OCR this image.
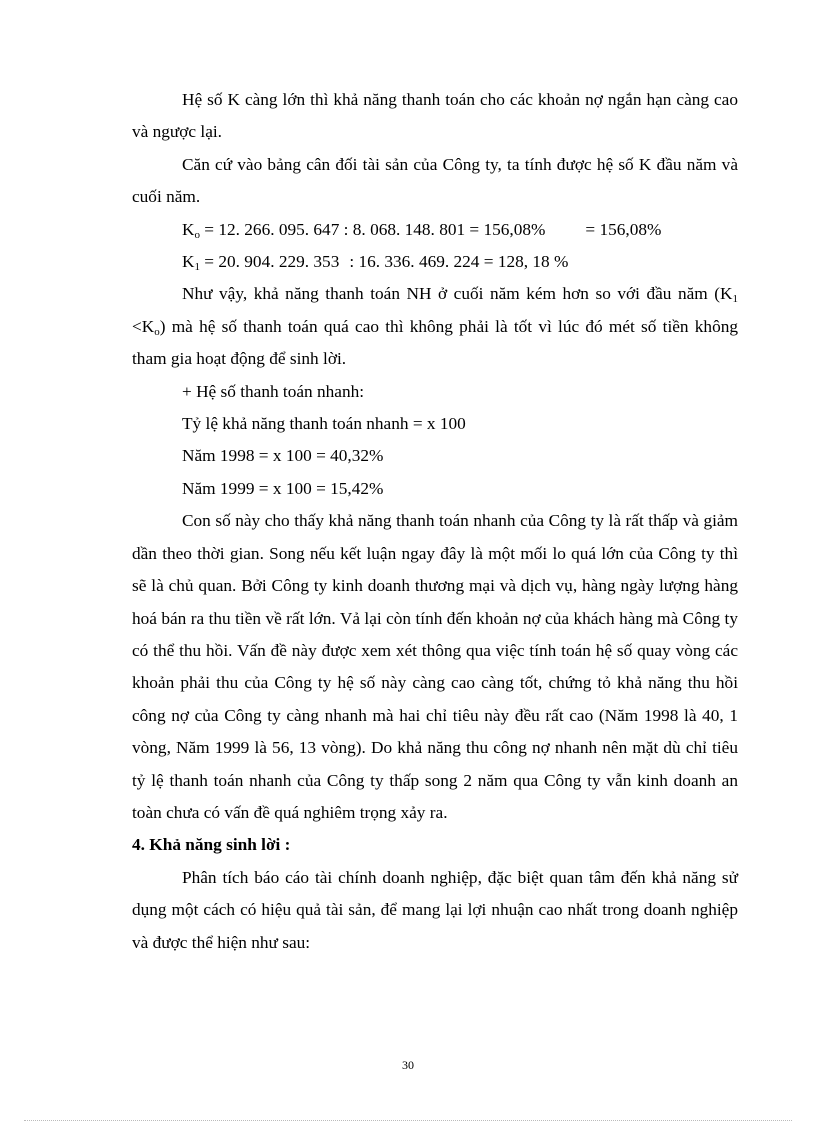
Hệ số K càng lớn thì khả năng thanh toán cho các khoản nợ ngắn hạn càng cao và ngược lại.

Căn cứ vào bảng cân đối tài sản của Công ty, ta tính được hệ số K đầu năm và cuối năm.

$K_o = 12$. 266. 095. 647 : 8. 068. 148. 801 = 156,08% = 156,08%

$K_1 = 20$. 904. 229. 353 : 16. 336. 469. 224 = 128, 18 %

Như vậy, khả năng thanh toán NH ở cuối năm kém hơn so với đầu năm $(K_1 <K_o)$ mà hệ số thanh toán quá cao thì không phải là tốt vì lúc đó mét số tiền không tham gia hoạt động để sinh lời.

+ Hệ số thanh toán nhanh:

Tỷ lệ khả năng thanh toán nhanh = x 100

Năm 1998 = x 100 = 40,32%

Năm 1999 = x 100 = 15,42%

Con số này cho thấy khả năng thanh toán nhanh của Công ty là rất thấp và giảm dần theo thời gian. Song nếu kết luận ngay đây là một mối lo quá lớn của Công ty thì sẽ là chủ quan. Bởi Công ty kinh doanh thương mại và dịch vụ, hàng ngày lượng hàng hoá bán ra thu tiền về rất lớn. Vả lại còn tính đến khoản nợ của khách hàng mà Công ty có thể thu hồi. Vấn đề này được xem xét thông qua việc tính toán hệ số quay vòng các khoản phải thu của Công ty hệ số này càng cao càng tốt, chứng tỏ khả năng thu hồi công nợ của Công ty càng nhanh mà hai chỉ tiêu này đều rất cao (Năm 1998 là 40, 1 vòng, Năm 1999 là 56, 13 vòng). Do khả năng thu công nợ nhanh nên mặt dù chỉ tiêu tỷ lệ thanh toán nhanh của Công ty thấp song 2 năm qua Công ty vẫn kinh doanh an toàn chưa có vấn đề quá nghiêm trọng xảy ra.

4. Khả năng sinh lời :

Phân tích báo cáo tài chính doanh nghiệp, đặc biệt quan tâm đến khả năng sử dụng một cách có hiệu quả tài sản, để mang lại lợi nhuận cao nhất trong doanh nghiệp và được thể hiện như sau:

30
